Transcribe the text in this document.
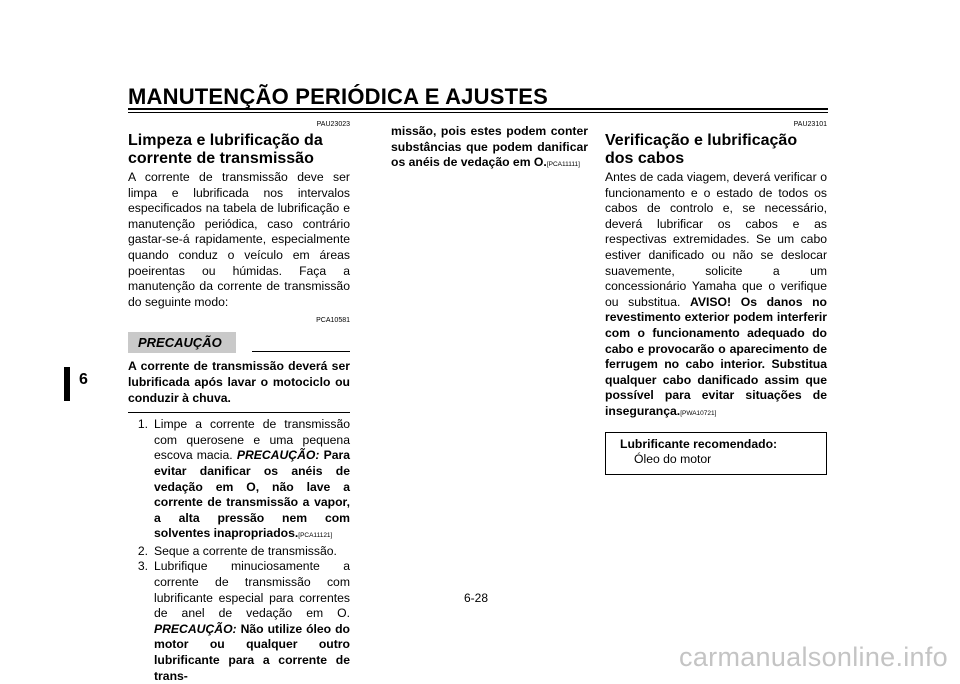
MANUTENÇÃO PERIÓDICA E AJUSTES
6
PAU23023
Limpeza e lubrificação da corrente de transmissão

A corrente de transmissão deve ser limpa e lubrificada nos intervalos especificados na tabela de lubrificação e manutenção periódica, caso contrário gastar-se-á rapidamente, especialmente quando conduz o veículo em áreas poeirentas ou húmidas. Faça a manutenção da corrente de transmissão do seguinte modo:

PCA10581
PRECAUÇÃO
A corrente de transmissão deverá ser lubrificada após lavar o motociclo ou conduzir à chuva.
1. Limpe a corrente de transmissão com querosene e uma pequena escova macia. PRECAUÇÃO: Para evitar danificar os anéis de vedação em O, não lave a corrente de transmissão a vapor, a alta pressão nem com solventes inapropriados.[PCA11121]
2. Seque a corrente de transmissão.
3. Lubrifique minuciosamente a corrente de transmissão com lubrificante especial para correntes de anel de vedação em O. PRECAUÇÃO: Não utilize óleo do motor ou qualquer outro lubrificante para a corrente de trans-

missão, pois estes podem conter substâncias que podem danificar os anéis de vedação em O.[PCA11111]

PAU23101
Verificação e lubrificação dos cabos

Antes de cada viagem, deverá verificar o funcionamento e o estado de todos os cabos de controlo e, se necessário, deverá lubrificar os cabos e as respectivas extremidades. Se um cabo estiver danificado ou não se deslocar suavemente, solicite a um concessionário Yamaha que o verifique ou substitua. AVISO! Os danos no revestimento exterior podem interferir com o funcionamento adequado do cabo e provocarão o aparecimento de ferrugem no cabo interior. Substitua qualquer cabo danificado assim que possível para evitar situações de insegurança.[PWA10721]

Lubrificante recomendado:
Óleo do motor
6-28
carmanualsonline.info
